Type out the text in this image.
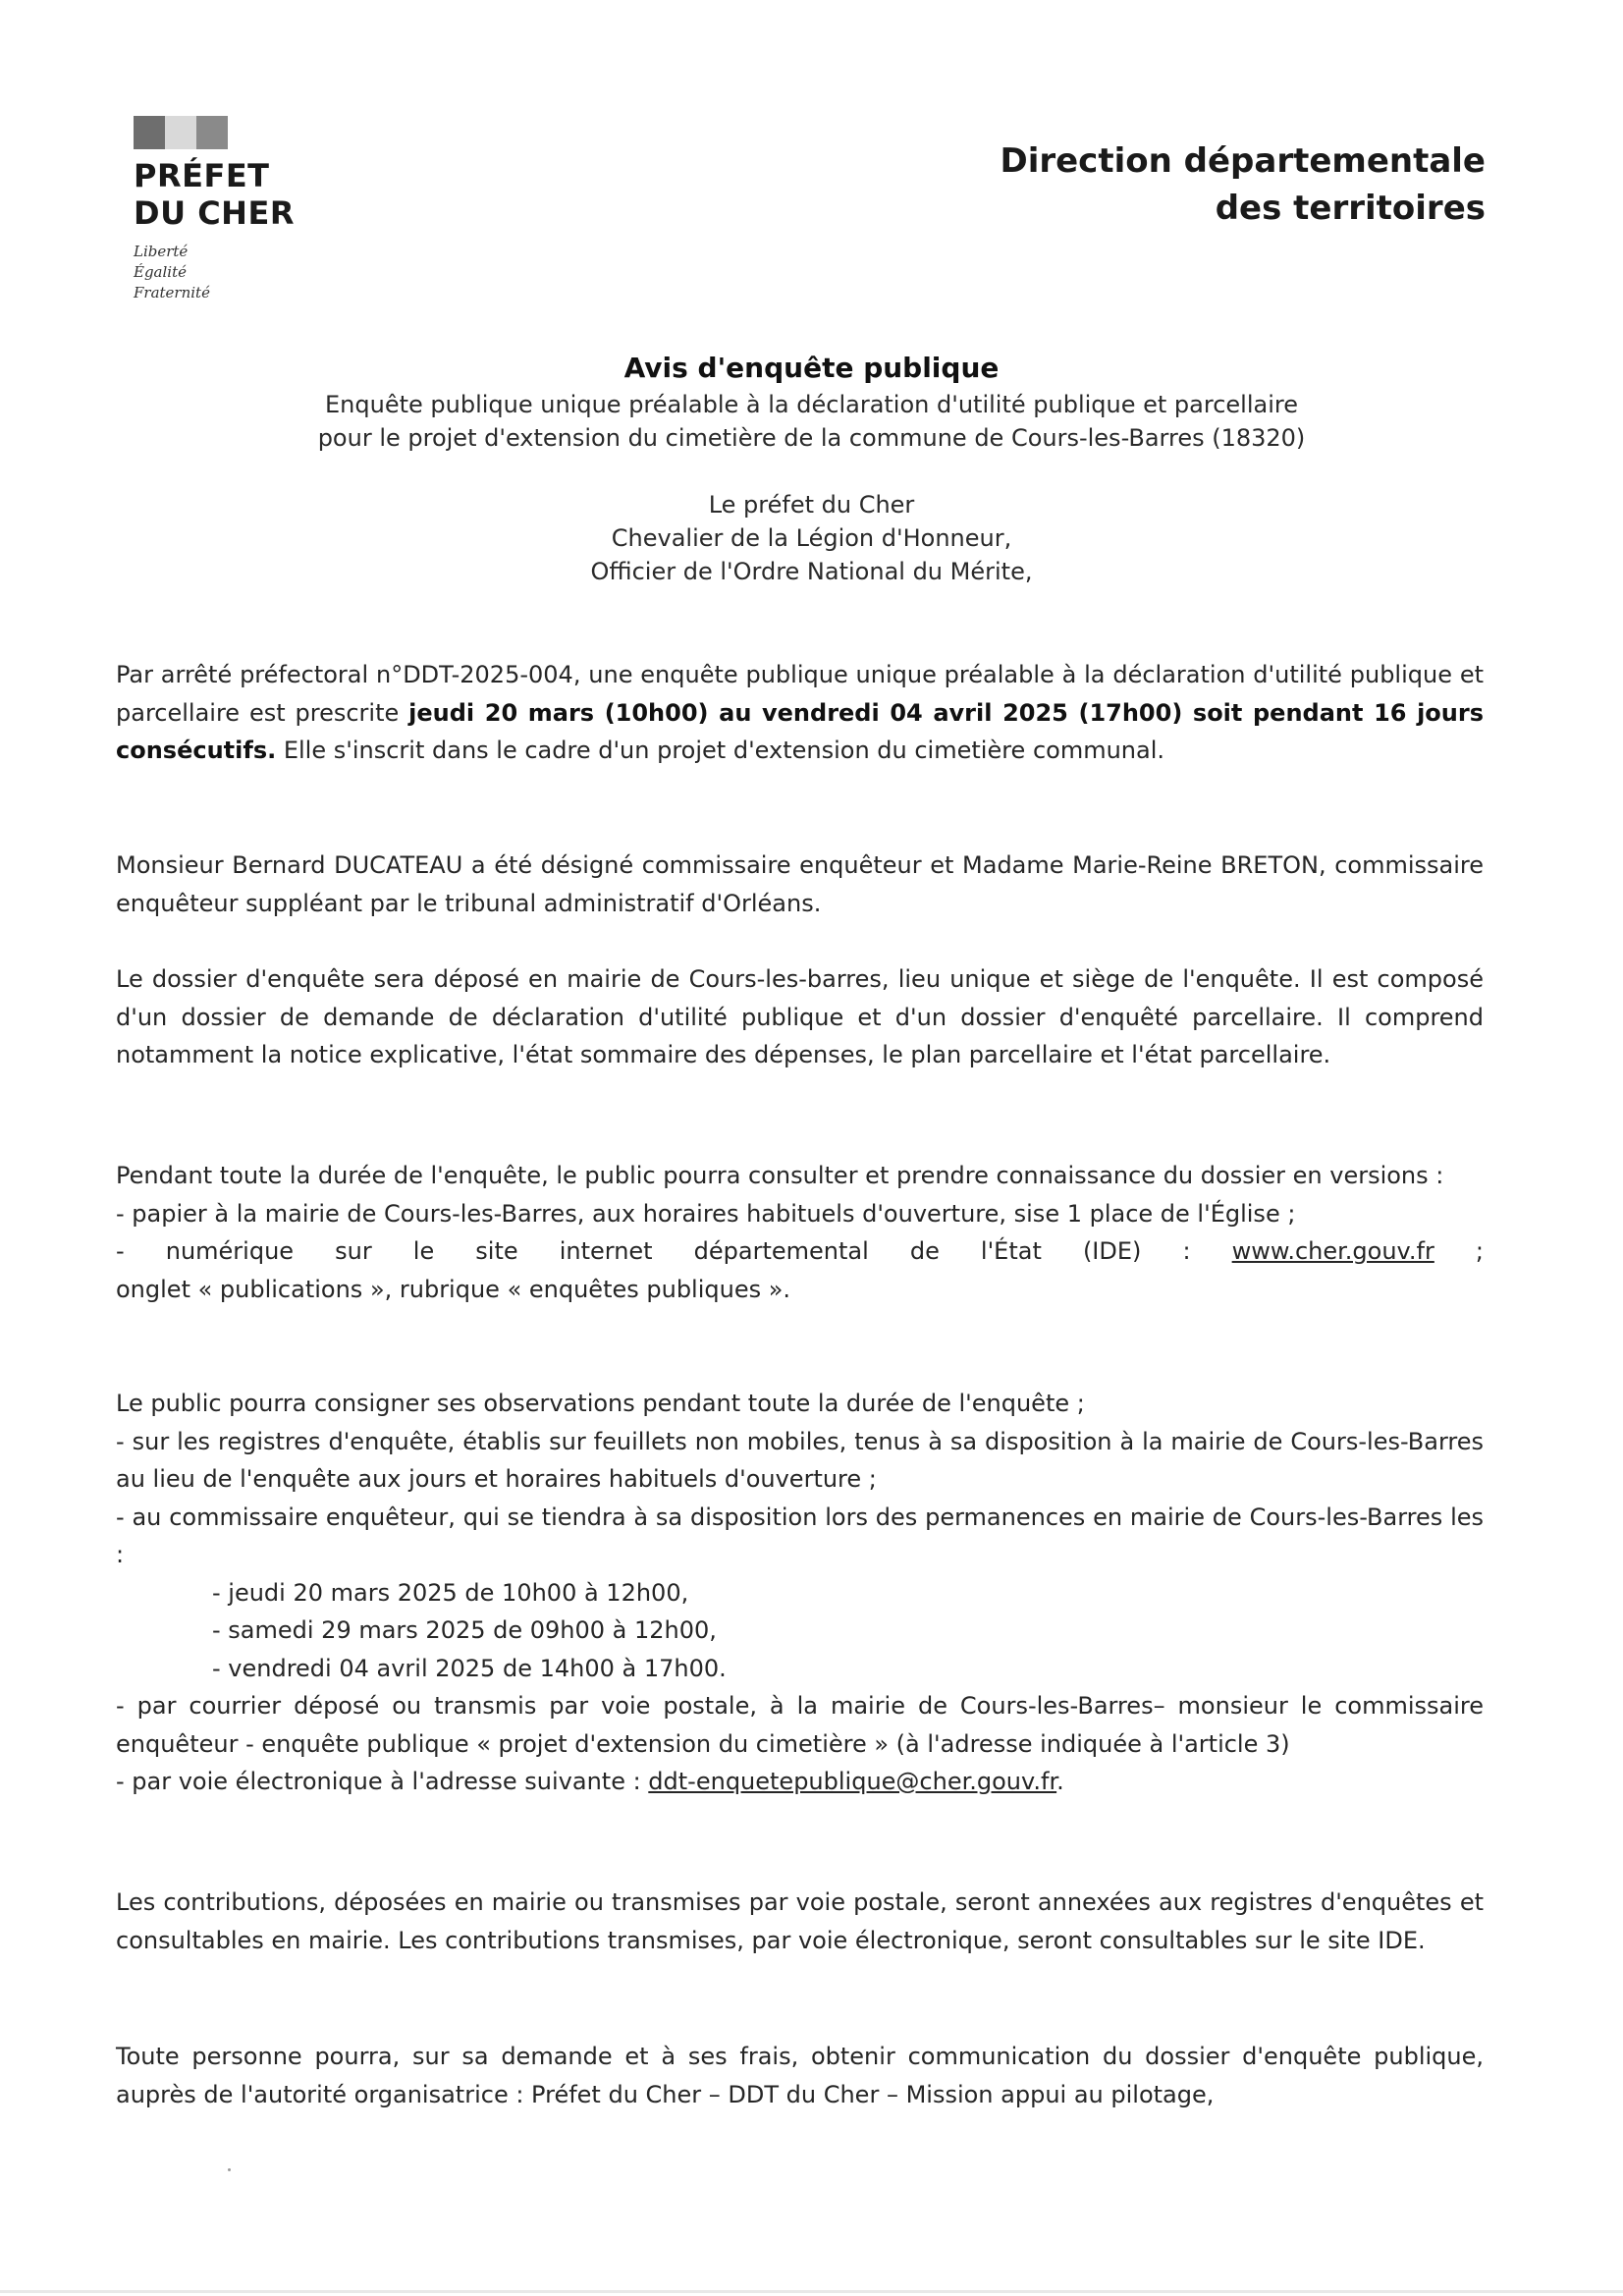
PRÉFET
DU CHER
Liberté
Égalité
Fraternité
Direction départementale
des territoires
Avis d'enquête publique
Enquête publique unique préalable à la déclaration d'utilité publique et parcellaire
pour le projet d'extension du cimetière de la commune de Cours-les-Barres (18320)
Le préfet du Cher
Chevalier de la Légion d'Honneur,
Officier de l'Ordre National du Mérite,
Par arrêté préfectoral n°DDT-2025-004, une enquête publique unique préalable à la déclaration d'utilité publique et parcellaire est prescrite jeudi 20 mars (10h00) au vendredi 04 avril 2025 (17h00) soit pendant 16 jours consécutifs. Elle s'inscrit dans le cadre d'un projet d'extension du cimetière communal.
Monsieur Bernard DUCATEAU a été désigné commissaire enquêteur et Madame Marie-Reine BRETON, commissaire enquêteur suppléant par le tribunal administratif d'Orléans.
Le dossier d'enquête sera déposé en mairie de Cours-les-barres, lieu unique et siège de l'enquête. Il est composé d'un dossier de demande de déclaration d'utilité publique et d'un dossier d'enquêté parcellaire. Il comprend notamment la notice explicative, l'état sommaire des dépenses, le plan parcellaire et l'état parcellaire.
Pendant toute la durée de l'enquête, le public pourra consulter et prendre connaissance du dossier en versions :
- papier à la mairie de Cours-les-Barres, aux horaires habituels d'ouverture, sise 1 place de l'Église ;
- numérique sur le site internet départemental de l'État (IDE) : www.cher.gouv.fr ;
onglet « publications », rubrique « enquêtes publiques ».
Le public pourra consigner ses observations pendant toute la durée de l'enquête ;
- sur les registres d'enquête, établis sur feuillets non mobiles, tenus à sa disposition à la mairie de Cours-les-Barres au lieu de l'enquête aux jours et horaires habituels d'ouverture ;
- au commissaire enquêteur, qui se tiendra à sa disposition lors des permanences en mairie de Cours-les-Barres les :
- jeudi 20 mars 2025 de 10h00 à 12h00,
- samedi 29 mars 2025 de 09h00 à 12h00,
- vendredi 04 avril 2025 de 14h00 à 17h00.
- par courrier déposé ou transmis par voie postale, à la mairie de Cours-les-Barres– monsieur le commissaire enquêteur - enquête publique « projet d'extension du cimetière » (à l'adresse indiquée à l'article 3)
- par voie électronique à l'adresse suivante : ddt-enquetepublique@cher.gouv.fr.
Les contributions, déposées en mairie ou transmises par voie postale, seront annexées aux registres d'enquêtes et consultables en mairie. Les contributions transmises, par voie électronique, seront consultables sur le site IDE.
Toute personne pourra, sur sa demande et à ses frais, obtenir communication du dossier d'enquête publique, auprès de l'autorité organisatrice : Préfet du Cher – DDT du Cher – Mission appui au pilotage,
